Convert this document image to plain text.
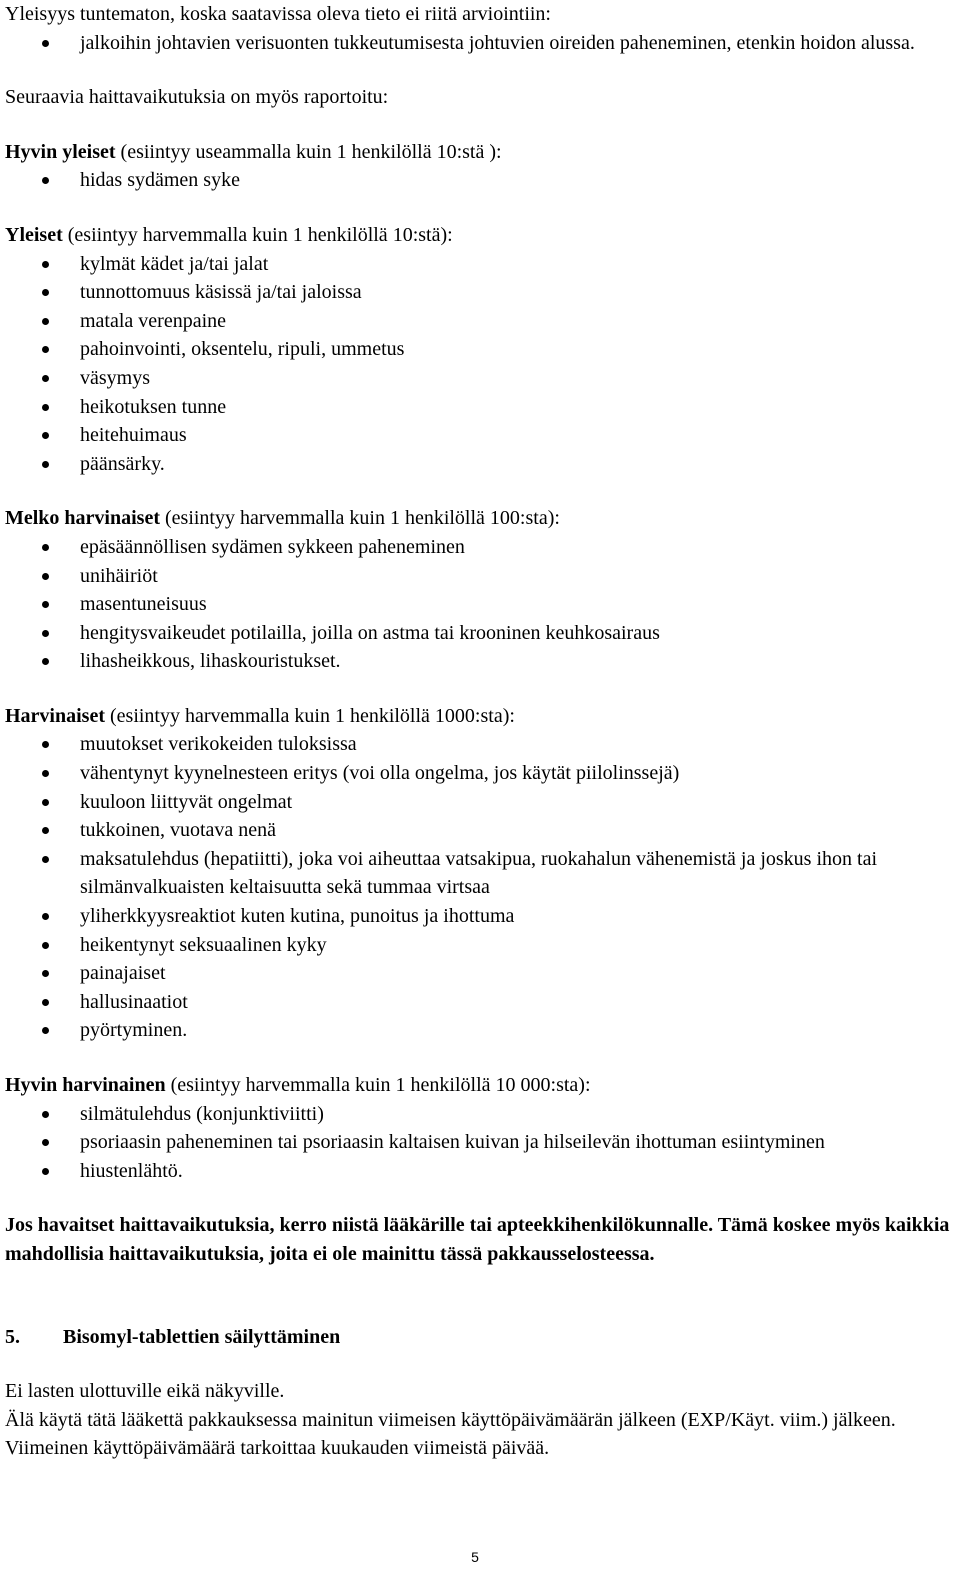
Yleisyys tuntematon, koska saatavissa oleva tieto ei riitä arviointiin:

jalkoihin johtavien verisuonten tukkeutumisesta johtuvien oireiden paheneminen, etenkin hoidon alussa.

Seuraavia haittavaikutuksia on myös raportoitu:

Hyvin yleiset (esiintyy useammalla kuin 1 henkilöllä 10:stä ):

hidas sydämen syke

Yleiset (esiintyy harvemmalla kuin 1 henkilöllä 10:stä):

kylmät kädet ja/tai jalat
tunnottomuus käsissä ja/tai jaloissa
matala verenpaine
pahoinvointi, oksentelu, ripuli, ummetus
väsymys
heikotuksen tunne
heitehuimaus
päänsärky.

Melko harvinaiset (esiintyy harvemmalla kuin 1 henkilöllä 100:sta):

epäsäännöllisen sydämen sykkeen paheneminen
unihäiriöt
masentuneisuus
hengitysvaikeudet potilailla, joilla on astma tai krooninen keuhkosairaus
lihasheikkous, lihaskouristukset.

Harvinaiset (esiintyy harvemmalla kuin 1 henkilöllä 1000:sta):

muutokset verikokeiden tuloksissa
vähentynyt kyynelnesteen eritys (voi olla ongelma, jos käytät piilolinssejä)
kuuloon liittyvät ongelmat
tukkoinen, vuotava nenä
maksatulehdus (hepatiitti), joka voi aiheuttaa vatsakipua, ruokahalun vähenemistä ja joskus ihon tai silmänvalkuaisten keltaisuutta sekä tummaa virtsaa
yliherkkyysreaktiot kuten kutina, punoitus ja ihottuma
heikentynyt seksuaalinen kyky
painajaiset
hallusinaatiot
pyörtyminen.

Hyvin harvinainen (esiintyy harvemmalla kuin 1 henkilöllä 10 000:sta):

silmätulehdus (konjunktiviitti)
psoriaasin paheneminen tai psoriaasin kaltaisen kuivan ja hilseilevän ihottuman esiintyminen
hiustenlähtö.

Jos havaitset haittavaikutuksia, kerro niistä lääkärille tai apteekkihenkilökunnalle. Tämä koskee myös kaikkia mahdollisia haittavaikutuksia, joita ei ole mainittu tässä pakkausselosteessa.

5. Bisomyl-tablettien säilyttäminen

Ei lasten ulottuville eikä näkyville.

Älä käytä tätä lääkettä pakkauksessa mainitun viimeisen käyttöpäivämäärän jälkeen (EXP/Käyt. viim.) jälkeen. Viimeinen käyttöpäivämäärä tarkoittaa kuukauden viimeistä päivää.

5
